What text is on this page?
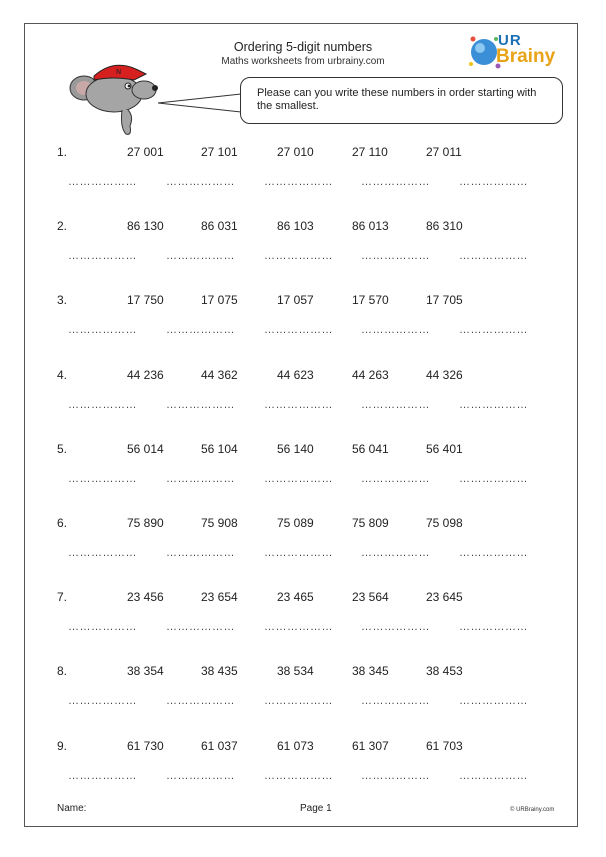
Ordering 5-digit numbers
Maths worksheets from urbrainy.com
UR
Brainy
N
Please can you write these numbers in order starting with the smallest.
1.	27 001	27 101	27 010	27 110	27 011
………………	………………	………………	………………	………………
2.	86 130	86 031	86 103	86 013	86 310
………………	………………	………………	………………	………………
3.	17 750	17 075	17 057	17 570	17 705
………………	………………	………………	………………	………………
4.	44 236	44 362	44 623	44 263	44 326
………………	………………	………………	………………	………………
5.	56 014	56 104	56 140	56 041	56 401
………………	………………	………………	………………	………………
6.	75 890	75 908	75 089	75 809	75 098
………………	………………	………………	………………	………………
7.	23 456	23 654	23 465	23 564	23 645
………………	………………	………………	………………	………………
8.	38 354	38 435	38 534	38 345	38 453
………………	………………	………………	………………	………………
9.	61 730	61 037	61 073	61 307	61 703
………………	………………	………………	………………	………………
Name:	Page 1	© URBrainy.com
